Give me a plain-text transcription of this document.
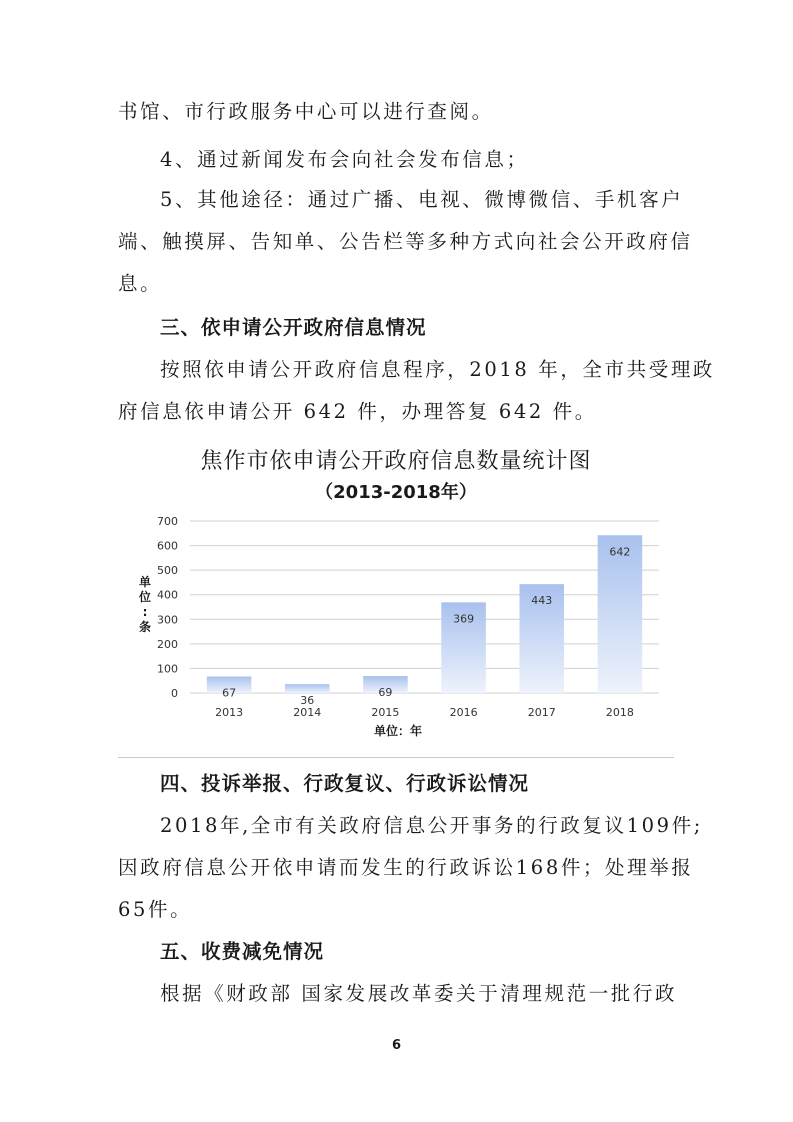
书馆、市行政服务中心可以进行查阅。
4、通过新闻发布会向社会发布信息；
5、其他途径：通过广播、电视、微博微信、手机客户
端、触摸屏、告知单、公告栏等多种方式向社会公开政府信
息。
三、依申请公开政府信息情况
按照依申请公开政府信息程序，2018 年，全市共受理政
府信息依申请公开 642 件，办理答复 642 件。
焦作市依申请公开政府信息数量统计图
（2013-2018年）
0
100
200
300
400
500
600
700
67
36
69
369
443
642
2013	2014	2015	2016	2017	2018
单
位
:
条
单位：年
四、投诉举报、行政复议、行政诉讼情况
2018年,全市有关政府信息公开事务的行政复议109件;
因政府信息公开依申请而发生的行政诉讼168件；处理举报
65件。
五、收费减免情况
根据《财政部 国家发展改革委关于清理规范一批行政
6
